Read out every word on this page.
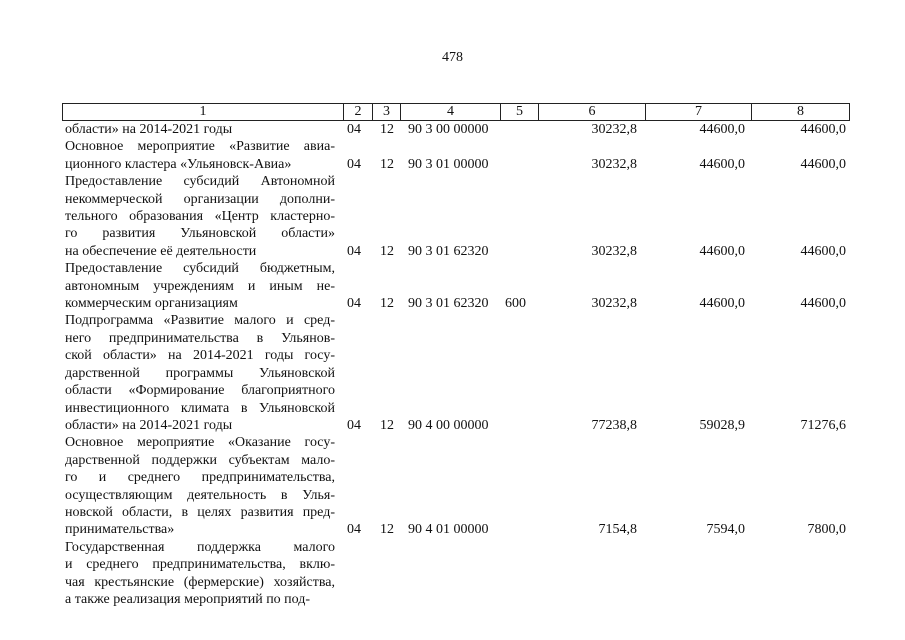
478
1	2	3	4	5	6	7	8
области» на 2014-2021 годы	04 12 90 3 00 00000	30232,8	44600,0	44600,0
Основное мероприятие «Развитие авиа-
ционного кластера «Ульяновск-Авиа»	04 12 90 3 01 00000	30232,8	44600,0	44600,0
Предоставление субсидий Автономной
некоммерческой организации дополни-
тельного образования «Центр кластерно-
го развития Ульяновской области»
на обеспечение её деятельности	04 12 90 3 01 62320	30232,8	44600,0	44600,0
Предоставление субсидий бюджетным,
автономным учреждениям и иным не-
коммерческим организациям	04 12 90 3 01 62320 600	30232,8	44600,0	44600,0
Подпрограмма «Развитие малого и сред-
него предпринимательства в Ульянов-
ской области» на 2014-2021 годы госу-
дарственной программы Ульяновской
области «Формирование благоприятного
инвестиционного климата в Ульяновской
области» на 2014-2021 годы	04 12 90 4 00 00000	77238,8	59028,9	71276,6
Основное мероприятие «Оказание госу-
дарственной поддержки субъектам мало-
го и среднего предпринимательства,
осуществляющим деятельность в Улья-
новской области, в целях развития пред-
принимательства»	04 12 90 4 01 00000	7154,8	7594,0	7800,0
Государственная поддержка малого
и среднего предпринимательства, вклю-
чая крестьянские (фермерские) хозяйства,
а также реализация мероприятий по под-
